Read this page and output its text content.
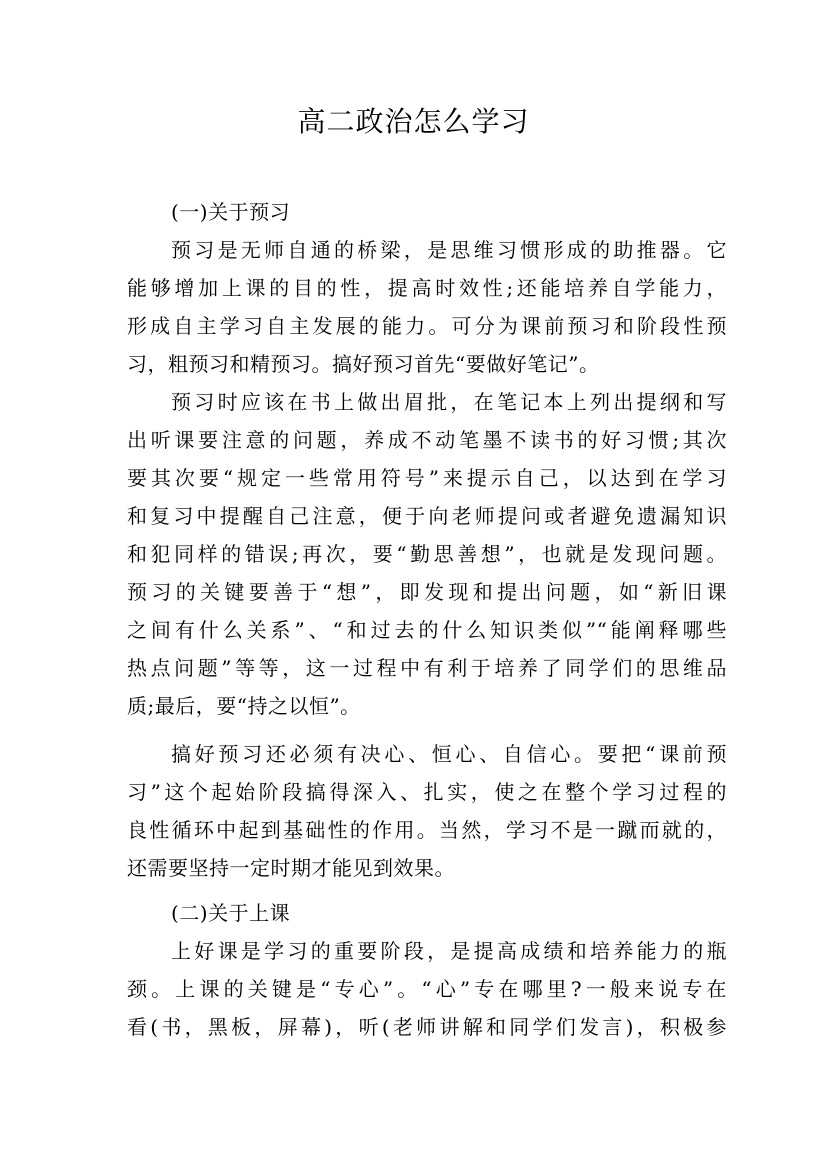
高二政治怎么学习
(一)关于预习
预习是无师自通的桥梁，是思维习惯形成的助推器。它
能够增加上课的目的性，提高时效性;还能培养自学能力，
形成自主学习自主发展的能力。可分为课前预习和阶段性预
习，粗预习和精预习。搞好预习首先“要做好笔记”。
预习时应该在书上做出眉批，在笔记本上列出提纲和写
出听课要注意的问题，养成不动笔墨不读书的好习惯;其次
要其次要“规定一些常用符号”来提示自己，以达到在学习
和复习中提醒自己注意，便于向老师提问或者避免遗漏知识
和犯同样的错误;再次，要“勤思善想”，也就是发现问题。
预习的关键要善于“想”，即发现和提出问题，如“新旧课
之间有什么关系”、“和过去的什么知识类似”“能阐释哪些
热点问题”等等，这一过程中有利于培养了同学们的思维品
质;最后，要“持之以恒”。
搞好预习还必须有决心、恒心、自信心。要把“课前预
习”这个起始阶段搞得深入、扎实，使之在整个学习过程的
良性循环中起到基础性的作用。当然，学习不是一蹴而就的，
还需要坚持一定时期才能见到效果。
(二)关于上课
上好课是学习的重要阶段，是提高成绩和培养能力的瓶
颈。上课的关键是“专心”。“心”专在哪里?一般来说专在
看(书，黑板，屏幕)，听(老师讲解和同学们发言)，积极参
